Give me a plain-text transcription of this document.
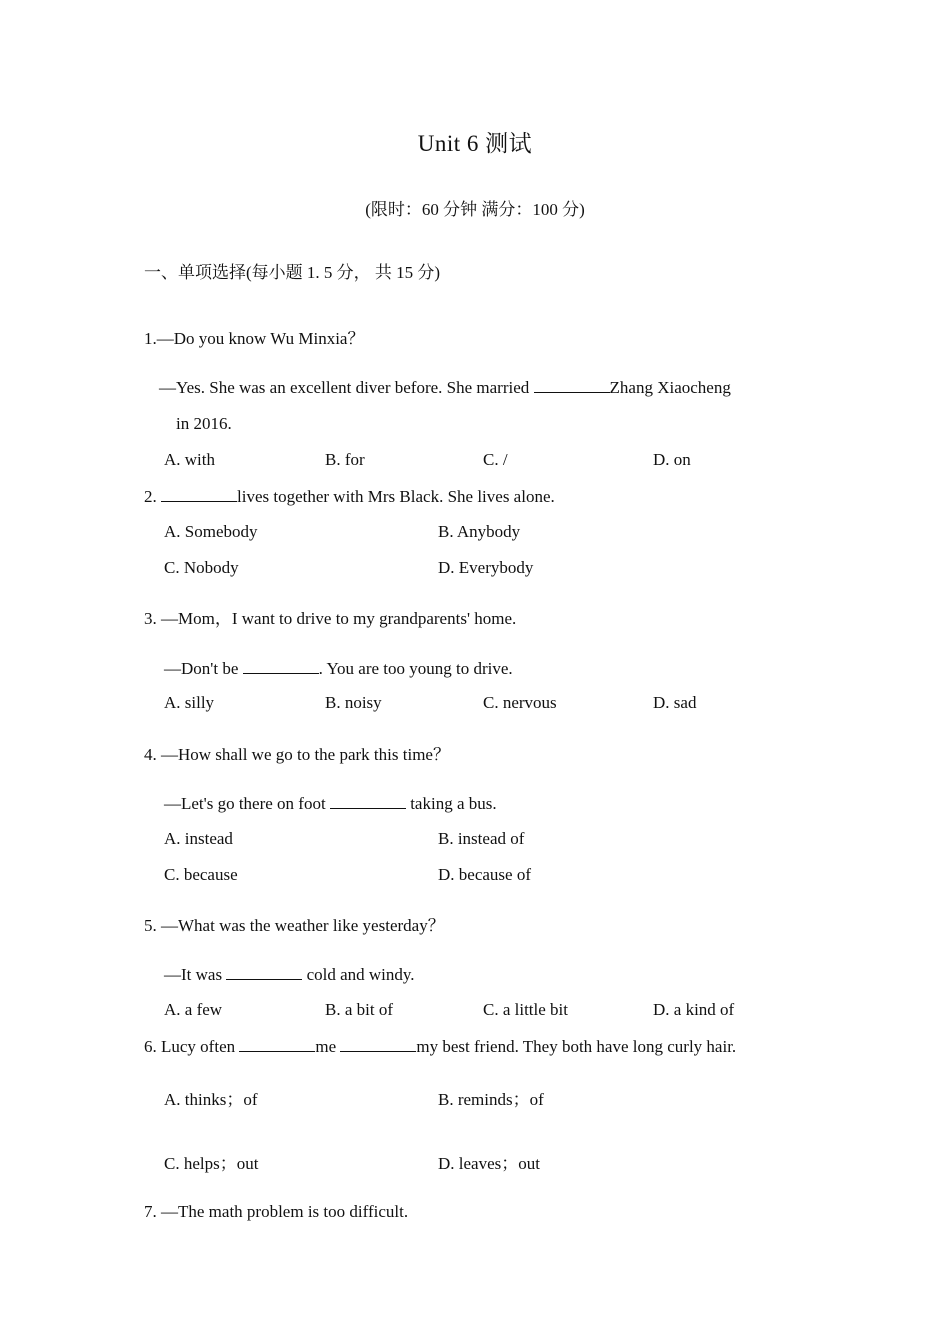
Unit 6 测试
(限时：60 分钟 满分：100 分)
一、单项选择(每小题 1. 5 分， 共 15 分)
1.—Do you know Wu Minxia？
—Yes. She was an excellent diver before. She married	Zhang Xiaocheng
in 2016.
A. with	B. for	C. /	D. on
2.	lives together with Mrs Black. She lives alone.
A. Somebody	B. Anybody
C. Nobody	D. Everybody
3. —Mom，I want to drive to my grandparents' home.
—Don't be	. You are too young to drive.
A. silly	B. noisy	C. nervous	D. sad
4. —How shall we go to the park this time？
—Let's go there on foot	taking a bus.
A. instead	B. instead of
C. because	D. because of
5. —What was the weather like yesterday？
—It was	cold and windy.
A. a few	B. a bit of	C. a little bit	D. a kind of
6. Lucy often	me	my best friend. They both have long curly hair.
A. thinks；of	B. reminds；of
C. helps；out	D. leaves；out
7. —The math problem is too difficult.
